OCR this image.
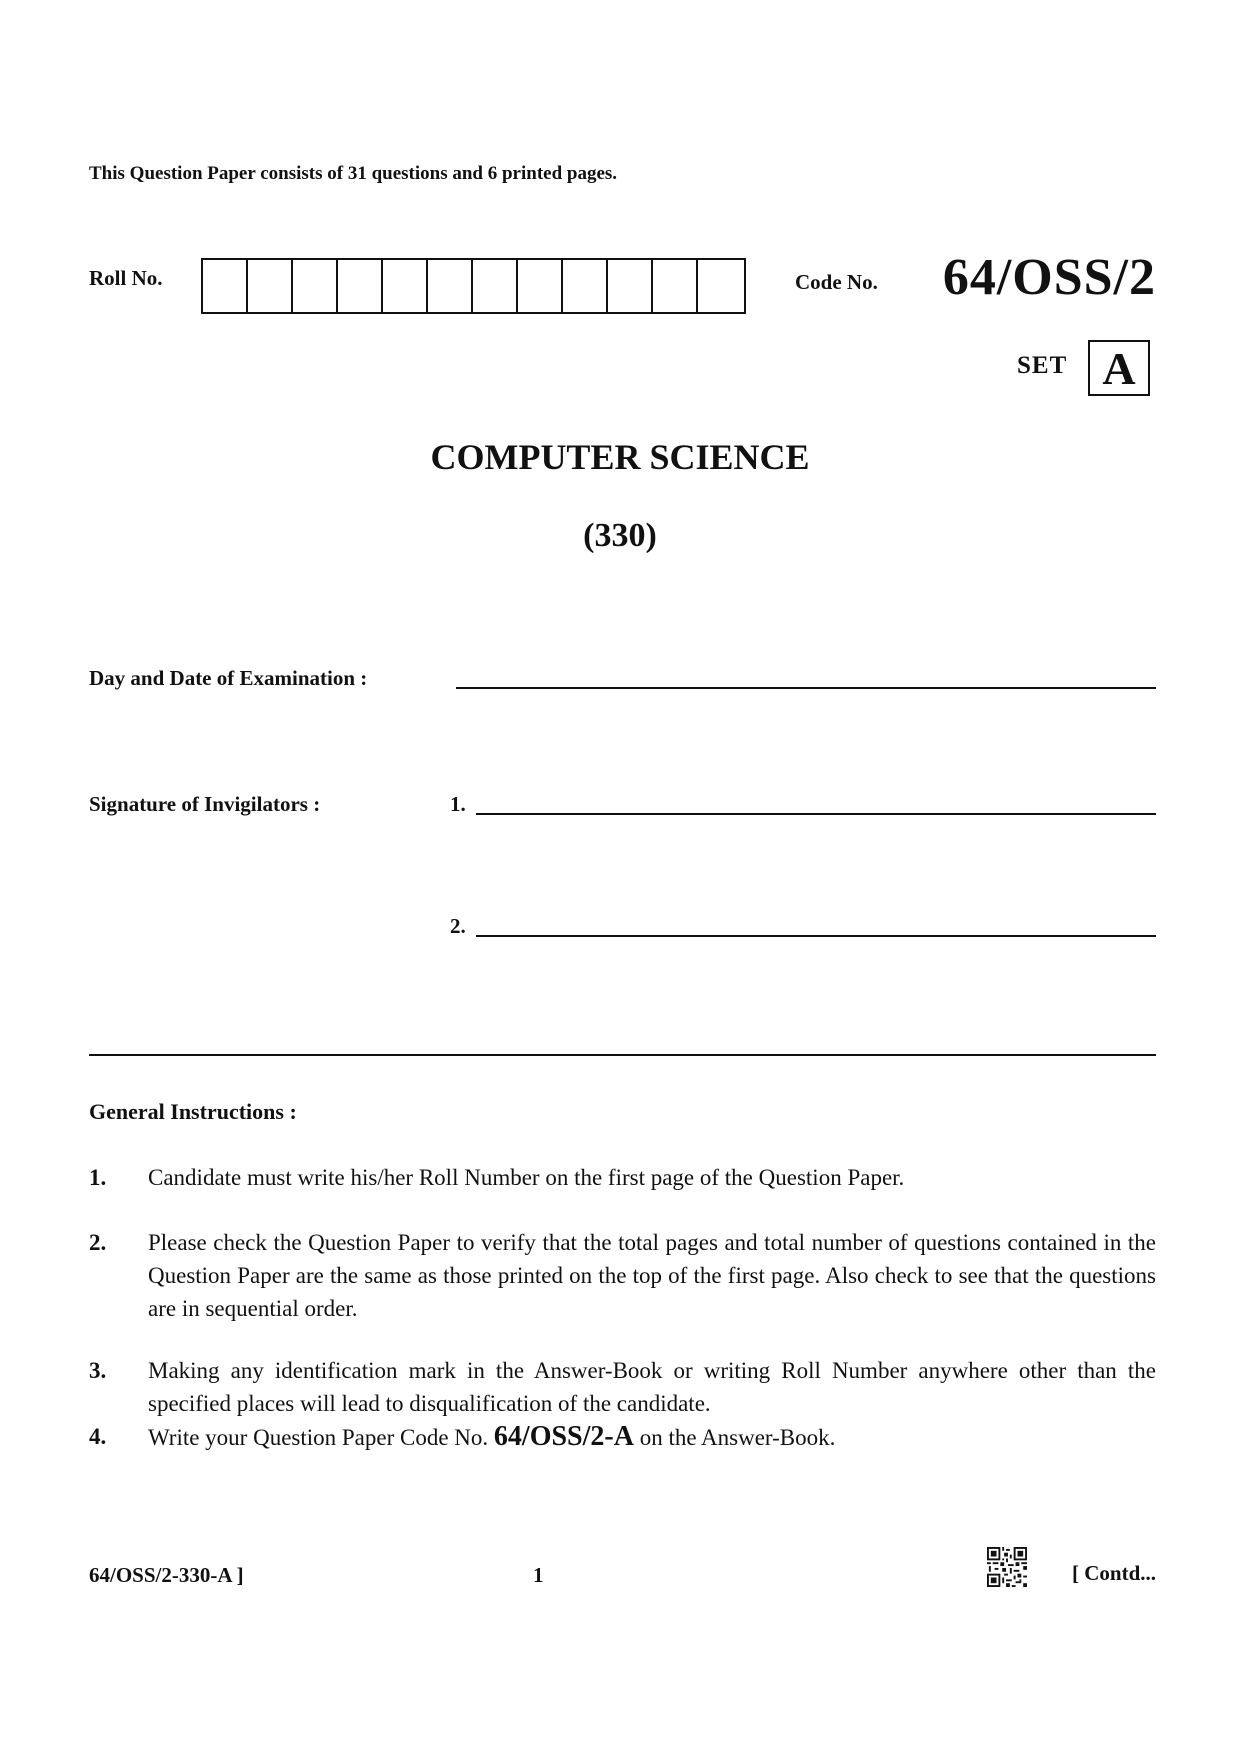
This Question Paper consists of 31 questions and 6 printed pages.
Roll No.	Code No. 64/OSS/2
SET A
COMPUTER SCIENCE
(330)
Day and Date of Examination :
Signature of Invigilators :	1.
2.
General Instructions :
1.	Candidate must write his/her Roll Number on the first page of the Question Paper.
2.	Please check the Question Paper to verify that the total pages and total number of questions contained in the Question Paper are the same as those printed on the top of the first page. Also check to see that the questions are in sequential order.
3.	Making any identification mark in the Answer-Book or writing Roll Number anywhere other than the specified places will lead to disqualification of the candidate.
4.	Write your Question Paper Code No. 64/OSS/2-A on the Answer-Book.
64/OSS/2-330-A ]	1	[ Contd...
